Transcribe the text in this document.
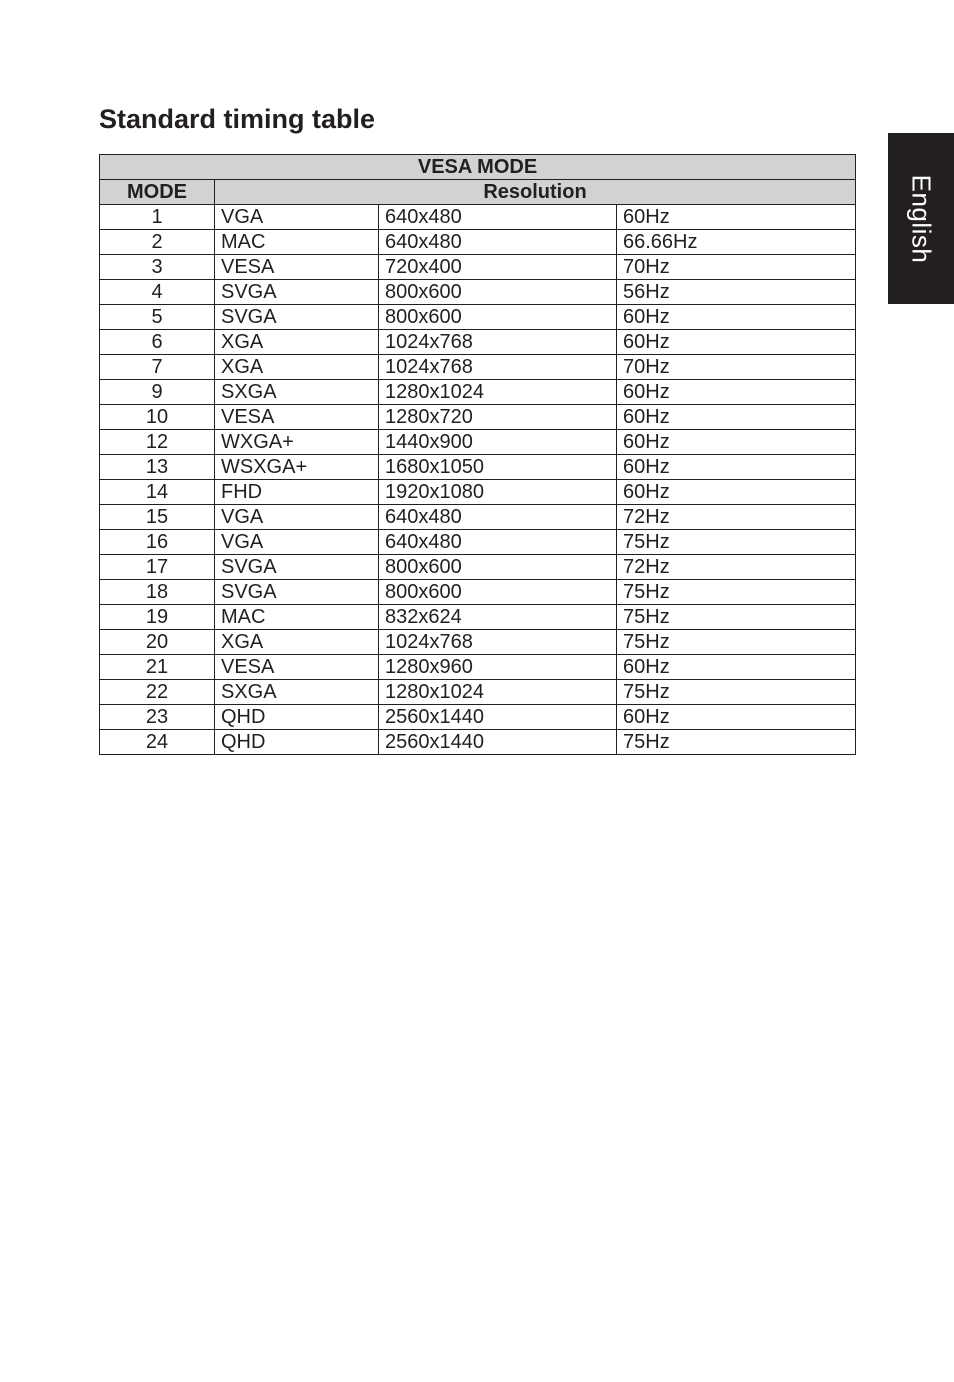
Standard timing table
English
VESA MODE			
MODE	Resolution		
1	VGA	640x480	60Hz
2	MAC	640x480	66.66Hz
3	VESA	720x400	70Hz
4	SVGA	800x600	56Hz
5	SVGA	800x600	60Hz
6	XGA	1024x768	60Hz
7	XGA	1024x768	70Hz
9	SXGA	1280x1024	60Hz
10	VESA	1280x720	60Hz
12	WXGA+	1440x900	60Hz
13	WSXGA+	1680x1050	60Hz
14	FHD	1920x1080	60Hz
15	VGA	640x480	72Hz
16	VGA	640x480	75Hz
17	SVGA	800x600	72Hz
18	SVGA	800x600	75Hz
19	MAC	832x624	75Hz
20	XGA	1024x768	75Hz
21	VESA	1280x960	60Hz
22	SXGA	1280x1024	75Hz
23	QHD	2560x1440	60Hz
24	QHD	2560x1440	75Hz
